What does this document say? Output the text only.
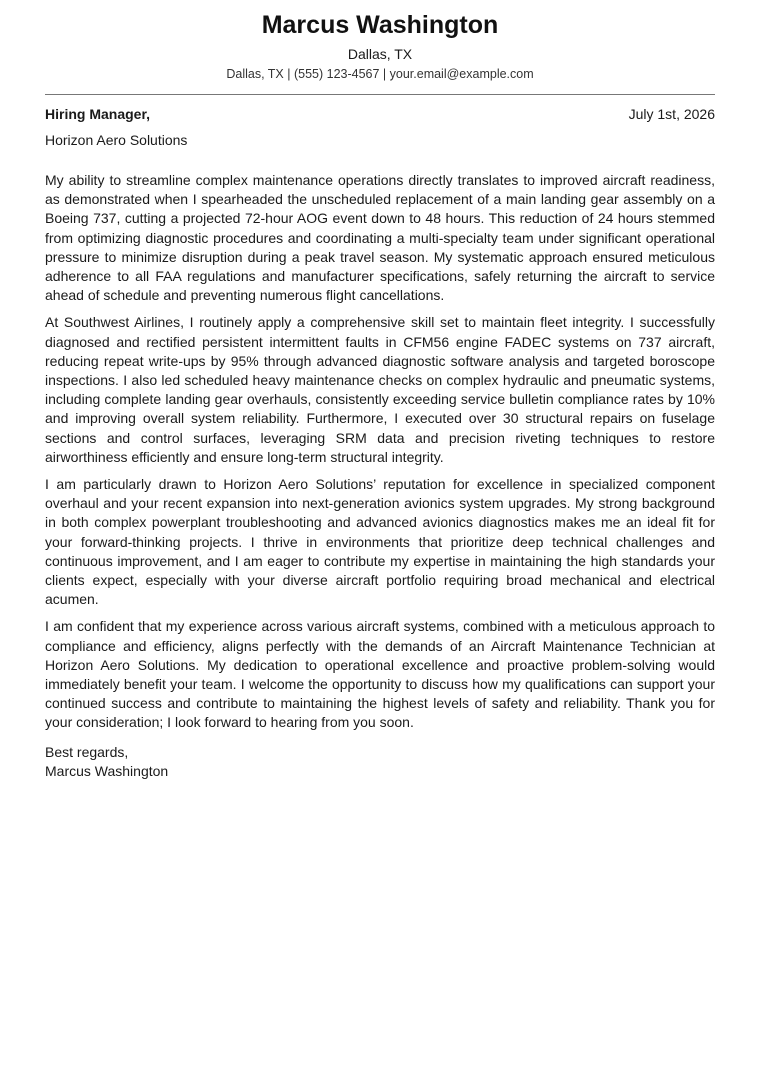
Marcus Washington
Dallas, TX
Dallas, TX | (555) 123-4567 | your.email@example.com
Hiring Manager,	July 1st, 2026
Horizon Aero Solutions

My ability to streamline complex maintenance operations directly translates to improved aircraft readiness, as demonstrated when I spearheaded the unscheduled replacement of a main landing gear assembly on a Boeing 737, cutting a projected 72-hour AOG event down to 48 hours. This reduction of 24 hours stemmed from optimizing diagnostic procedures and coordinating a multi-specialty team under significant operational pressure to minimize disruption during a peak travel season. My systematic approach ensured meticulous adherence to all FAA regulations and manufacturer specifications, safely returning the aircraft to service ahead of schedule and preventing numerous flight cancellations.

At Southwest Airlines, I routinely apply a comprehensive skill set to maintain fleet integrity. I successfully diagnosed and rectified persistent intermittent faults in CFM56 engine FADEC systems on 737 aircraft, reducing repeat write-ups by 95% through advanced diagnostic software analysis and targeted boroscope inspections. I also led scheduled heavy maintenance checks on complex hydraulic and pneumatic systems, including complete landing gear overhauls, consistently exceeding service bulletin compliance rates by 10% and improving overall system reliability. Furthermore, I executed over 30 structural repairs on fuselage sections and control surfaces, leveraging SRM data and precision riveting techniques to restore airworthiness efficiently and ensure long-term structural integrity.

I am particularly drawn to Horizon Aero Solutions’ reputation for excellence in specialized component overhaul and your recent expansion into next-generation avionics system upgrades. My strong background in both complex powerplant troubleshooting and advanced avionics diagnostics makes me an ideal fit for your forward-thinking projects. I thrive in environments that prioritize deep technical challenges and continuous improvement, and I am eager to contribute my expertise in maintaining the high standards your clients expect, especially with your diverse aircraft portfolio requiring broad mechanical and electrical acumen.

I am confident that my experience across various aircraft systems, combined with a meticulous approach to compliance and efficiency, aligns perfectly with the demands of an Aircraft Maintenance Technician at Horizon Aero Solutions. My dedication to operational excellence and proactive problem-solving would immediately benefit your team. I welcome the opportunity to discuss how my qualifications can support your continued success and contribute to maintaining the highest levels of safety and reliability. Thank you for your consideration; I look forward to hearing from you soon.

Best regards,
Marcus Washington
